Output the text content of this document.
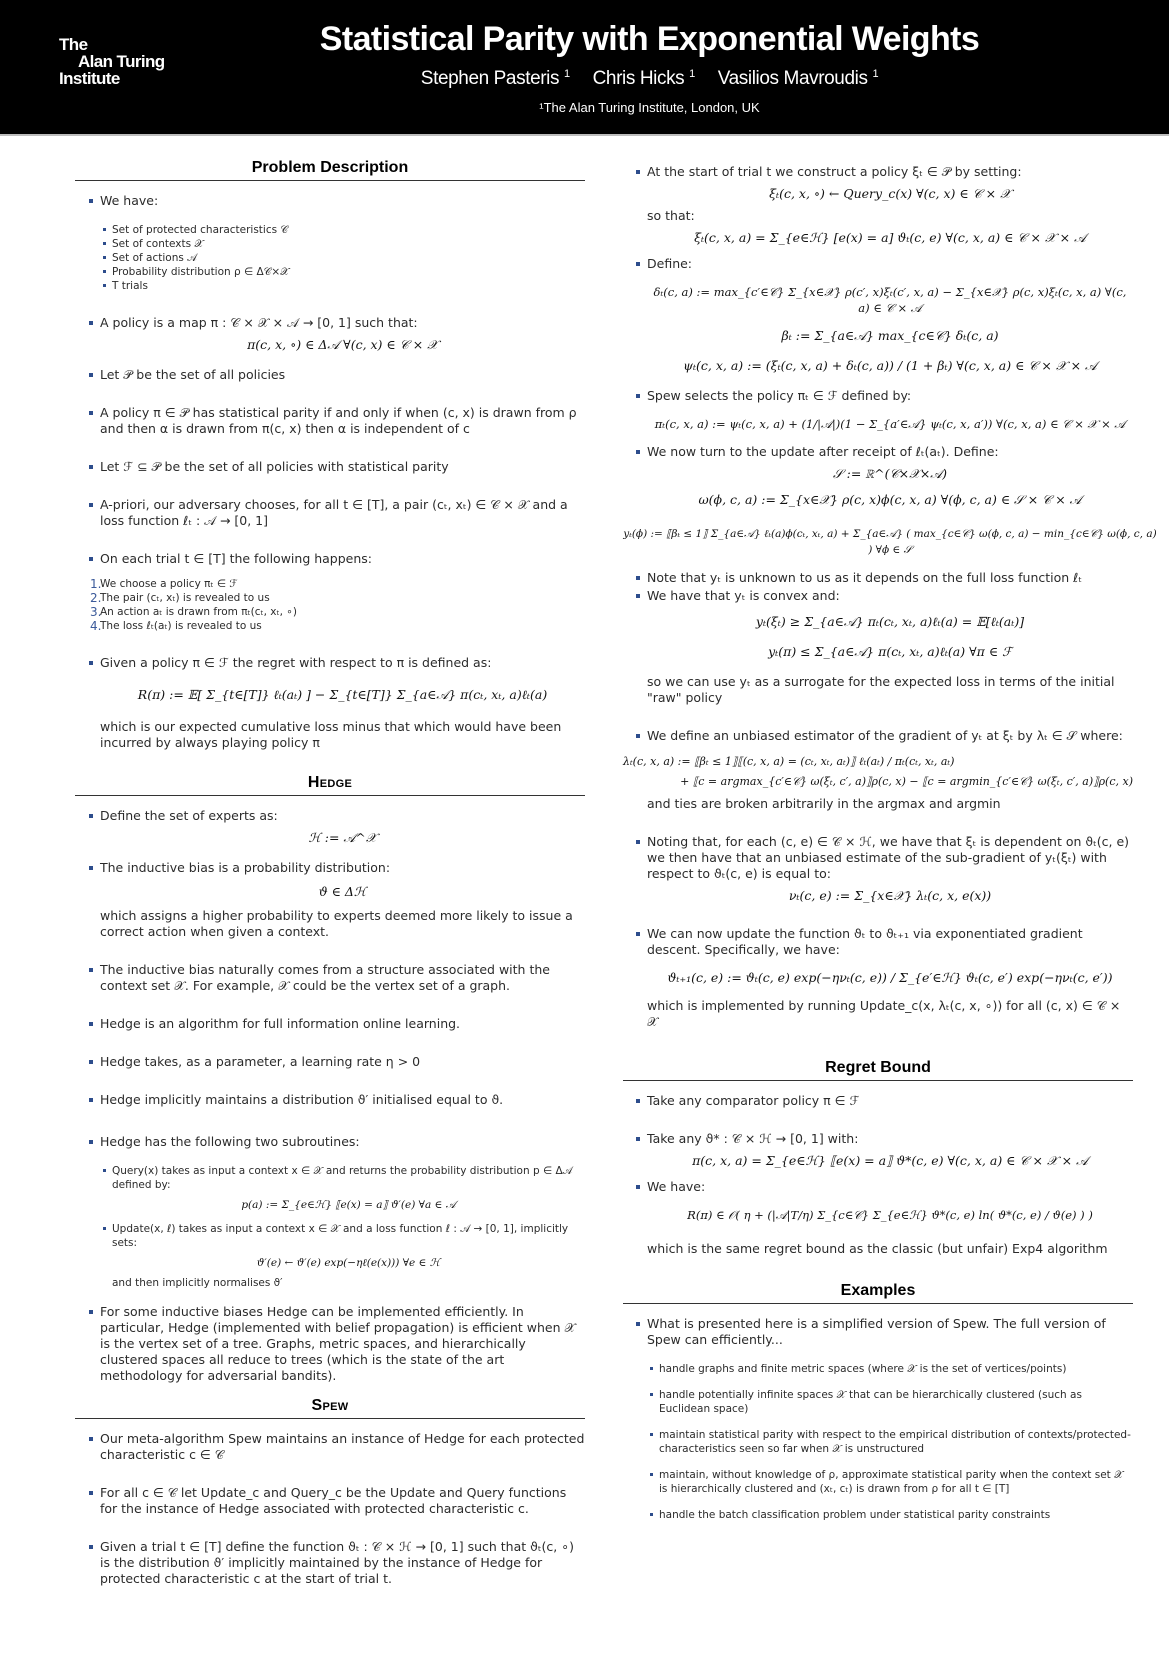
The
Alan Turing
Institute
Statistical Parity with Exponential Weights
Stephen Pasteris $^1$ Chris Hicks $^1$ Vasilios Mavroudis $^1$
¹The Alan Turing Institute, London, UK
Problem Description
We have:
Set of protected characteristics 𝒞
Set of contexts 𝒳
Set of actions 𝒜
Probability distribution ρ ∈ Δ𝒞×𝒳
T trials
A policy is a map π : 𝒞 × 𝒳 × 𝒜 → [0, 1] such that:
π(c, x, ∘) ∈ Δ𝒜 ∀(c, x) ∈ 𝒞 × 𝒳
Let 𝒫 be the set of all policies
A policy π ∈ 𝒫 has statistical parity if and only if when (c, x) is drawn from ρ and then α is drawn from π(c, x) then α is independent of c
Let ℱ ⊆ 𝒫 be the set of all policies with statistical parity
A-priori, our adversary chooses, for all t ∈ [T], a pair (cₜ, xₜ) ∈ 𝒞 × 𝒳 and a loss function ℓₜ : 𝒜 → [0, 1]
On each trial t ∈ [T] the following happens:
1.
We choose a policy πₜ ∈ ℱ
2.
The pair (cₜ, xₜ) is revealed to us
3.
An action aₜ is drawn from πₜ(cₜ, xₜ, ∘)
4.
The loss ℓₜ(aₜ) is revealed to us
Given a policy π ∈ ℱ the regret with respect to π is defined as:
R(π) := 𝔼[ Σ_{t∈[T]} ℓₜ(aₜ) ] − Σ_{t∈[T]} Σ_{a∈𝒜} π(cₜ, xₜ, a)ℓₜ(a)
which is our expected cumulative loss minus that which would have been incurred by always playing policy π
Hedge
Define the set of experts as:
ℋ := 𝒜^𝒳
The inductive bias is a probability distribution:
ϑ ∈ Δℋ
which assigns a higher probability to experts deemed more likely to issue a correct action when given a context.
The inductive bias naturally comes from a structure associated with the context set 𝒳. For example, 𝒳 could be the vertex set of a graph.
Hedge is an algorithm for full information online learning.
Hedge takes, as a parameter, a learning rate η > 0
Hedge implicitly maintains a distribution ϑ′ initialised equal to ϑ.
Hedge has the following two subroutines:
Query(x) takes as input a context x ∈ 𝒳 and returns the probability distribution p ∈ Δ𝒜 defined by:
p(a) := Σ_{e∈ℋ} ⟦e(x) = a⟧ ϑ′(e) ∀a ∈ 𝒜
Update(x, ℓ) takes as input a context x ∈ 𝒳 and a loss function ℓ : 𝒜 → [0, 1], implicitly sets:
ϑ′(e) ← ϑ′(e) exp(−ηℓ(e(x))) ∀e ∈ ℋ
and then implicitly normalises ϑ′
For some inductive biases Hedge can be implemented efficiently. In particular, Hedge (implemented with belief propagation) is efficient when 𝒳 is the vertex set of a tree. Graphs, metric spaces, and hierarchically clustered spaces all reduce to trees (which is the state of the art methodology for adversarial bandits).
Spew
Our meta-algorithm Spew maintains an instance of Hedge for each protected characteristic c ∈ 𝒞
For all c ∈ 𝒞 let Update_c and Query_c be the Update and Query functions for the instance of Hedge associated with protected characteristic c.
Given a trial t ∈ [T] define the function ϑₜ : 𝒞 × ℋ → [0, 1] such that ϑₜ(c, ∘) is the distribution ϑ′ implicitly maintained by the instance of Hedge for protected characteristic c at the start of trial t.
At the start of trial t we construct a policy ξₜ ∈ 𝒫 by setting:
ξₜ(c, x, ∘) ← Query_c(x) ∀(c, x) ∈ 𝒞 × 𝒳
so that:
ξₜ(c, x, a) = Σ_{e∈ℋ} [e(x) = a] ϑₜ(c, e) ∀(c, x, a) ∈ 𝒞 × 𝒳 × 𝒜
Define:
δₜ(c, a) := max_{c′∈𝒞} Σ_{x∈𝒳} ρ(c′, x)ξₜ(c′, x, a) − Σ_{x∈𝒳} ρ(c, x)ξₜ(c, x, a) ∀(c, a) ∈ 𝒞 × 𝒜
βₜ := Σ_{a∈𝒜} max_{c∈𝒞} δₜ(c, a)
ψₜ(c, x, a) := (ξₜ(c, x, a) + δₜ(c, a)) / (1 + βₜ) ∀(c, x, a) ∈ 𝒞 × 𝒳 × 𝒜
Spew selects the policy πₜ ∈ ℱ defined by:
πₜ(c, x, a) := ψₜ(c, x, a) + (1/|𝒜|)(1 − Σ_{a′∈𝒜} ψₜ(c, x, a′)) ∀(c, x, a) ∈ 𝒞 × 𝒳 × 𝒜
We now turn to the update after receipt of ℓₜ(aₜ). Define:
𝒮 := ℝ^(𝒞×𝒳×𝒜)
ω(ϕ, c, a) := Σ_{x∈𝒳} ρ(c, x)ϕ(c, x, a) ∀(ϕ, c, a) ∈ 𝒮 × 𝒞 × 𝒜
yₜ(ϕ) := ⟦βₜ ≤ 1⟧ Σ_{a∈𝒜} ℓₜ(a)ϕ(cₜ, xₜ, a) + Σ_{a∈𝒜} ( max_{c∈𝒞} ω(ϕ, c, a) − min_{c∈𝒞} ω(ϕ, c, a) ) ∀ϕ ∈ 𝒮
Note that yₜ is unknown to us as it depends on the full loss function ℓₜ
We have that yₜ is convex and:
yₜ(ξₜ) ≥ Σ_{a∈𝒜} πₜ(cₜ, xₜ, a)ℓₜ(a) = 𝔼[ℓₜ(aₜ)]
yₜ(π) ≤ Σ_{a∈𝒜} π(cₜ, xₜ, a)ℓₜ(a) ∀π ∈ ℱ
so we can use yₜ as a surrogate for the expected loss in terms of the initial "raw" policy
We define an unbiased estimator of the gradient of yₜ at ξₜ by λₜ ∈ 𝒮 where:
λₜ(c, x, a) := ⟦βₜ ≤ 1⟧⟦(c, x, a) = (cₜ, xₜ, aₜ)⟧ ℓₜ(aₜ) / πₜ(cₜ, xₜ, aₜ)
+ ⟦c = argmax_{c′∈𝒞} ω(ξₜ, c′, a)⟧ρ(c, x) − ⟦c = argmin_{c′∈𝒞} ω(ξₜ, c′, a)⟧ρ(c, x)
and ties are broken arbitrarily in the argmax and argmin
Noting that, for each (c, e) ∈ 𝒞 × ℋ, we have that ξₜ is dependent on ϑₜ(c, e) we then have that an unbiased estimate of the sub-gradient of yₜ(ξₜ) with respect to ϑₜ(c, e) is equal to:
νₜ(c, e) := Σ_{x∈𝒳} λₜ(c, x, e(x))
We can now update the function ϑₜ to ϑₜ₊₁ via exponentiated gradient descent. Specifically, we have:
ϑₜ₊₁(c, e) := ϑₜ(c, e) exp(−ηνₜ(c, e)) / Σ_{e′∈ℋ} ϑₜ(c, e′) exp(−ηνₜ(c, e′))
which is implemented by running Update_c(x, λₜ(c, x, ∘)) for all (c, x) ∈ 𝒞 × 𝒳
Regret Bound
Take any comparator policy π ∈ ℱ
Take any ϑ* : 𝒞 × ℋ → [0, 1] with:
π(c, x, a) = Σ_{e∈ℋ} ⟦e(x) = a⟧ ϑ*(c, e) ∀(c, x, a) ∈ 𝒞 × 𝒳 × 𝒜
We have:
R(π) ∈ 𝒪( η + (|𝒜|T/η) Σ_{c∈𝒞} Σ_{e∈ℋ} ϑ*(c, e) ln( ϑ*(c, e) / ϑ(e) ) )
which is the same regret bound as the classic (but unfair) Exp4 algorithm
Examples
What is presented here is a simplified version of Spew. The full version of Spew can efficiently...
handle graphs and finite metric spaces (where 𝒳 is the set of vertices/points)
handle potentially infinite spaces 𝒳 that can be hierarchically clustered (such as Euclidean space)
maintain statistical parity with respect to the empirical distribution of contexts/protected-characteristics seen so far when 𝒳 is unstructured
maintain, without knowledge of ρ, approximate statistical parity when the context set 𝒳 is hierarchically clustered and (xₜ, cₜ) is drawn from ρ for all t ∈ [T]
handle the batch classification problem under statistical parity constraints
